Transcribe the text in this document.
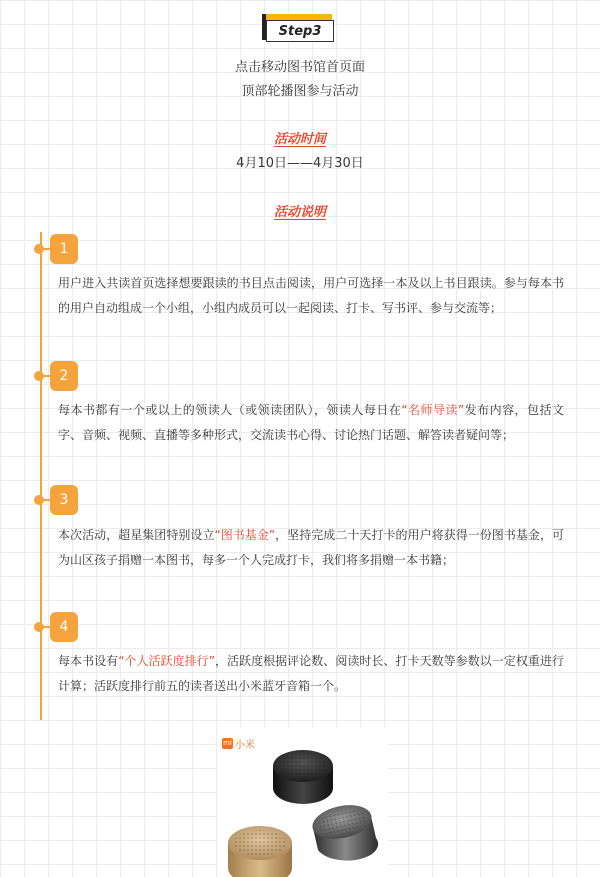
Step3
点击移动图书馆首页面
顶部轮播图参与活动
活动时间
4月10日——4月30日
活动说明
1
用户进入共读首页选择想要跟读的书目点击阅读，用户可选择一本及以上书目跟读。参与每本书的用户自动组成一个小组，小组内成员可以一起阅读、打卡、写书评、参与交流等；
2
每本书都有一个或以上的领读人（或领读团队），领读人每日在“名师导读”发布内容，包括文字、音频、视频、直播等多种形式，交流读书心得、讨论热门话题、解答读者疑问等；
3
本次活动，超星集团特别设立“图书基金”，坚持完成二十天打卡的用户将获得一份图书基金，可为山区孩子捐赠一本图书，每多一个人完成打卡，我们将多捐赠一本书籍；
4
每本书设有“个人活跃度排行”，活跃度根据评论数、阅读时长、打卡天数等参数以一定权重进行计算；活跃度排行前五的读者送出小米蓝牙音箱一个。
mi 小米
